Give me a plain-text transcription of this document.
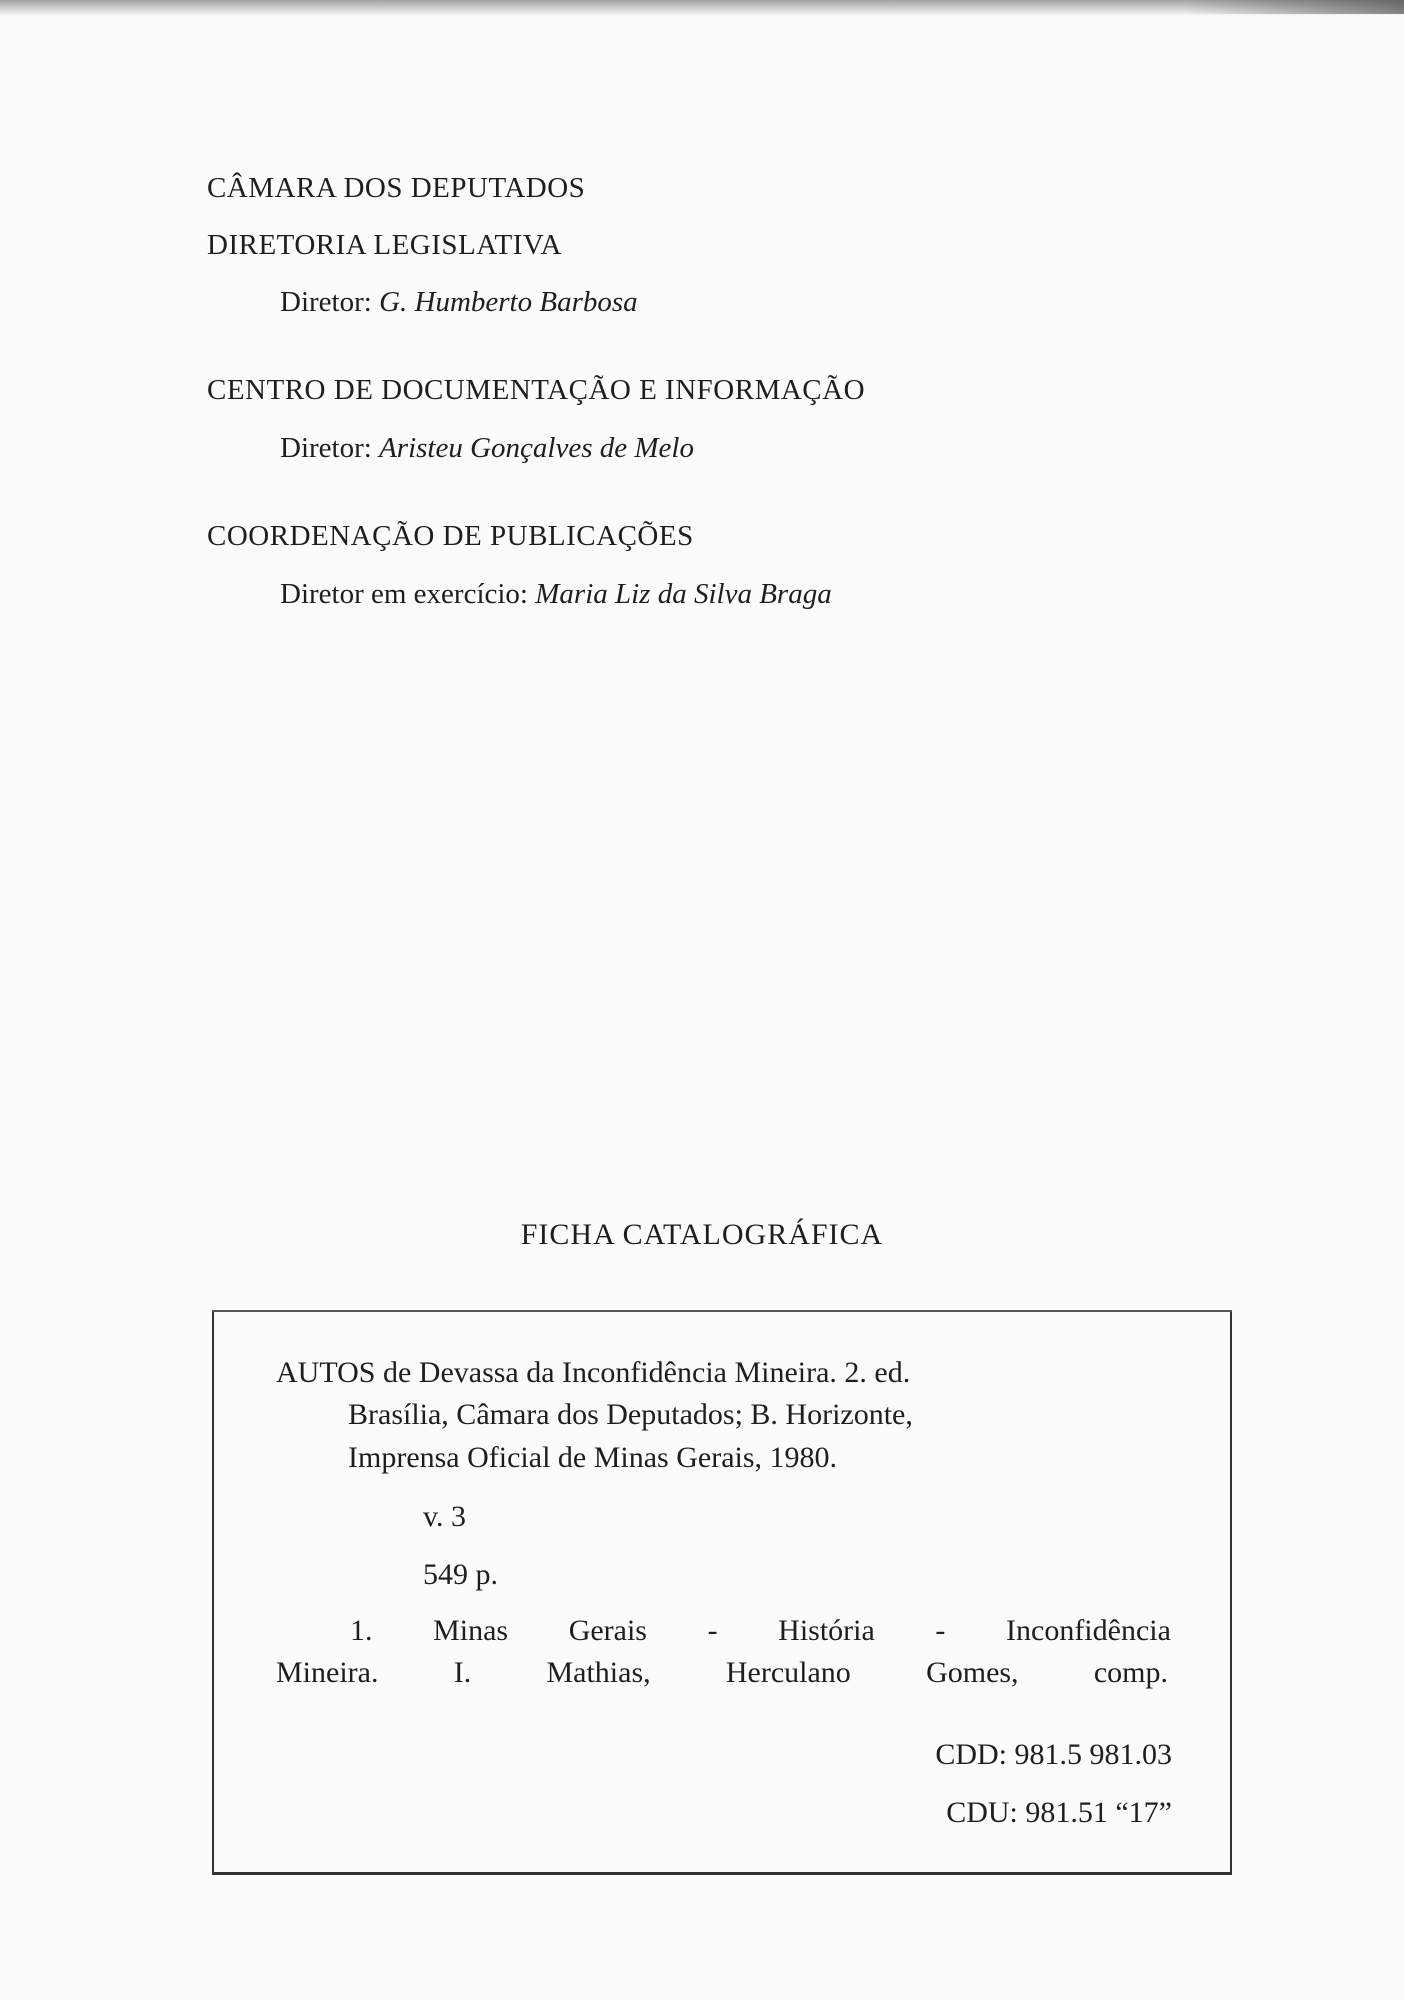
CÂMARA DOS DEPUTADOS
DIRETORIA LEGISLATIVA
Diretor: G. Humberto Barbosa
CENTRO DE DOCUMENTAÇÃO E INFORMAÇÃO
Diretor: Aristeu Gonçalves de Melo
COORDENAÇÃO DE PUBLICAÇÕES
Diretor em exercício: Maria Liz da Silva Braga
FICHA CATALOGRÁFICA
AUTOS de Devassa da Inconfidência Mineira. 2. ed.
Brasília, Câmara dos Deputados; B. Horizonte,
Imprensa Oficial de Minas Gerais, 1980.
v. 3
549 p.
1. Minas Gerais - História - Inconfidência
Mineira.	I.	Mathias,	Herculano	Gomes,	comp.
CDD: 981.5 981.03
CDU: 981.51 “17”
